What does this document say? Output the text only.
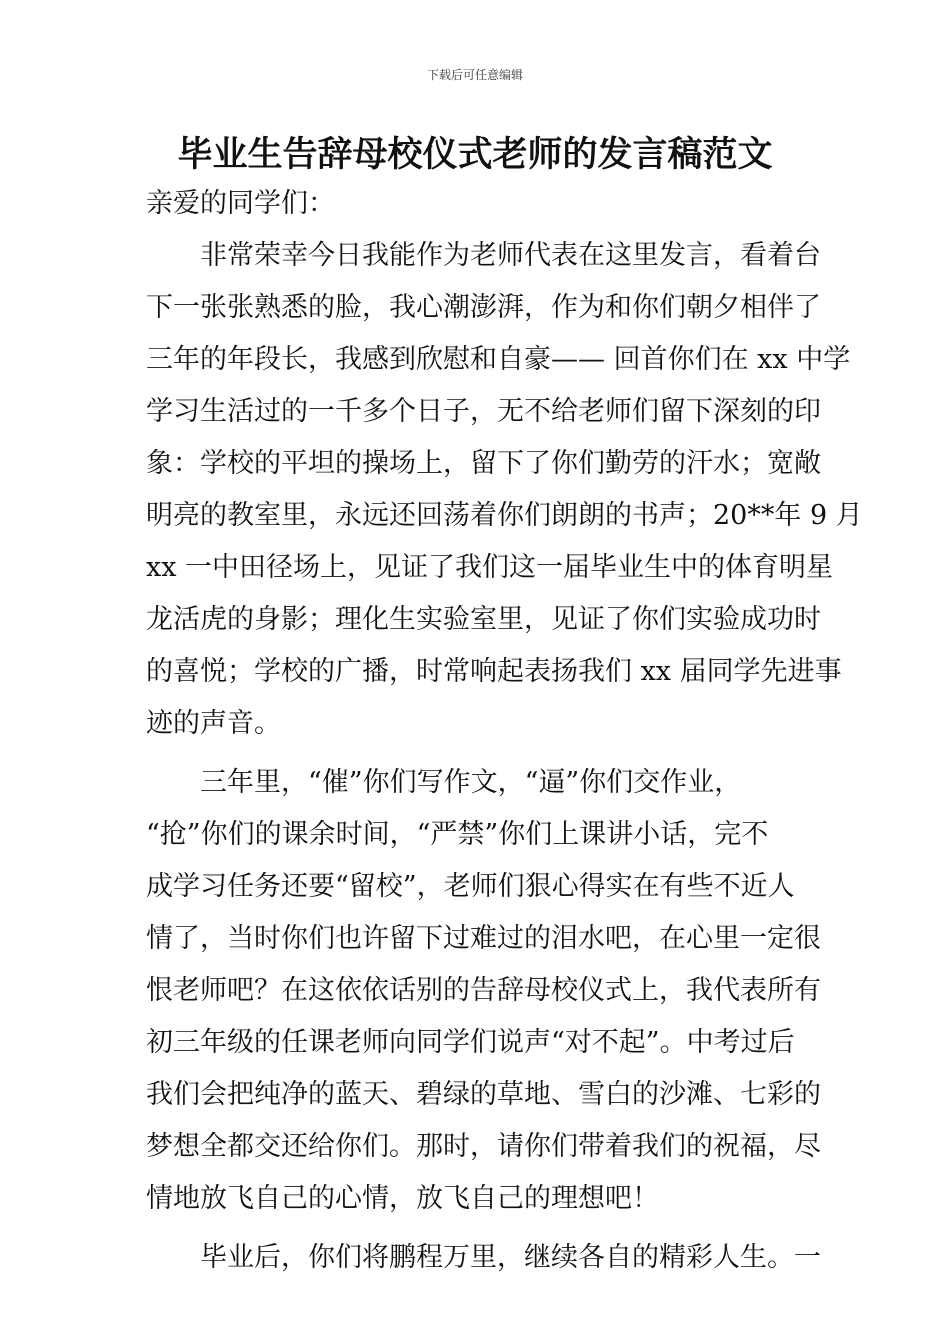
下载后可任意编辑
毕业生告辞母校仪式老师的发言稿范文
亲爱的同学们：
　　非常荣幸今日我能作为老师代表在这里发言，看着台
下一张张熟悉的脸，我心潮澎湃，作为和你们朝夕相伴了
三年的年段长，我感到欣慰和自豪—— 回首你们在 xx 中学
学习生活过的一千多个日子，无不给老师们留下深刻的印
象：学校的平坦的操场上，留下了你们勤劳的汗水；宽敞
明亮的教室里，永远还回荡着你们朗朗的书声；20**年 9 月
xx 一中田径场上，见证了我们这一届毕业生中的体育明星
龙活虎的身影；理化生实验室里，见证了你们实验成功时
的喜悦；学校的广播，时常响起表扬我们 xx 届同学先进事
迹的声音。
　　三年里，“催”你们写作文，“逼”你们交作业，
“抢”你们的课余时间，“严禁”你们上课讲小话，完不
成学习任务还要“留校”，老师们狠心得实在有些不近人
情了，当时你们也许留下过难过的泪水吧，在心里一定很
恨老师吧？在这依依话别的告辞母校仪式上，我代表所有
初三年级的任课老师向同学们说声“对不起”。中考过后
我们会把纯净的蓝天、碧绿的草地、雪白的沙滩、七彩的
梦想全都交还给你们。那时，请你们带着我们的祝福，尽
情地放飞自己的心情，放飞自己的理想吧！
　　毕业后，你们将鹏程万里，继续各自的精彩人生。一
